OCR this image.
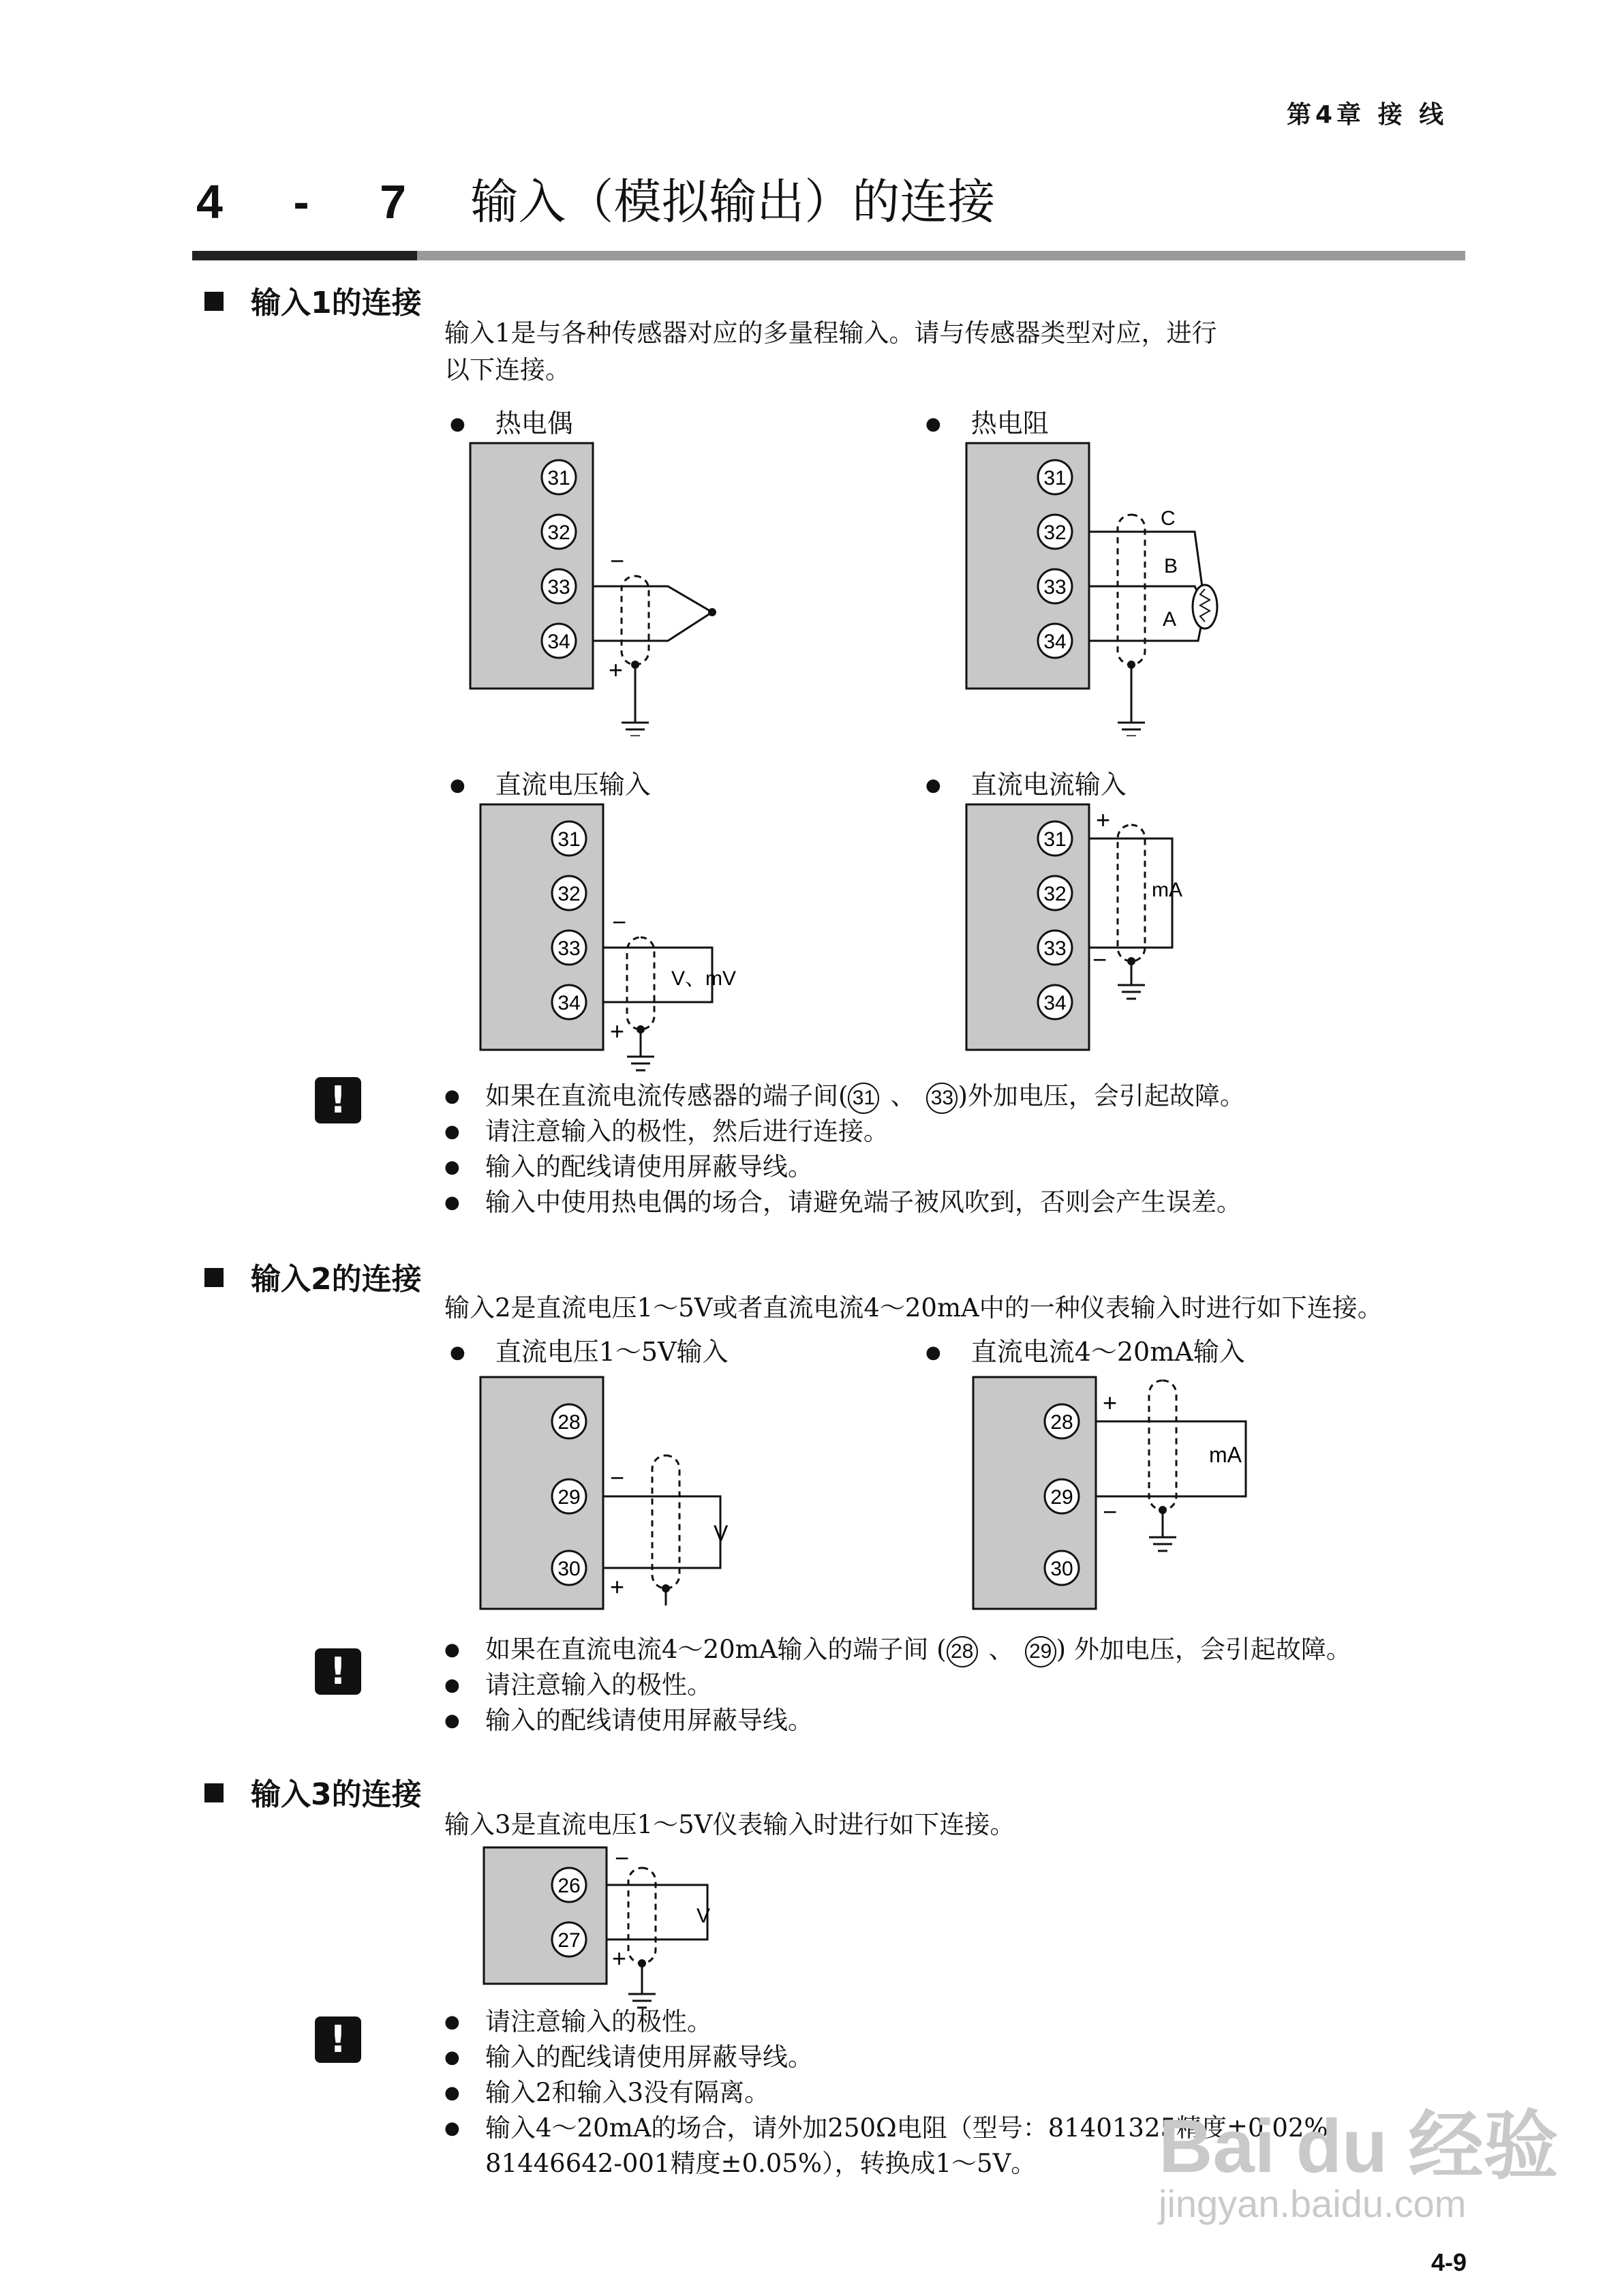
第4章 接 线
4 - 7 输入（模拟输出）的连接
输入1的连接
输入1是与各种传感器对应的多量程输入。请与传感器类型对应，进行
以下连接。
● 热电偶	● 热电阻
● 直流电压输入	● 直流电流输入
31
32
33
34
−
+
31
32
33
34
C
B
A
31
32
33
34
−
+
V、mV
31
32
33
34
+
−
mA
!	● 如果在直流电流传感器的端子间( 31 、 33 )外加电压，会引起故障。
● 请注意输入的极性，然后进行连接。
● 输入的配线请使用屏蔽导线。
● 输入中使用热电偶的场合，请避免端子被风吹到，否则会产生误差。
输入2的连接
输入2是直流电压1～5V或者直流电流4～20mA中的一种仪表输入时进行如下连接。
● 直流电压1～5V输入	● 直流电流4～20mA输入
28
29
30
−
+
V
28
29
30
+
−
mA
!
● 如果在直流电流4～20mA输入的端子间 ( 28 、 29 ) 外加电压，会引起故障。
● 请注意输入的极性。
● 输入的配线请使用屏蔽导线。
输入3的连接
输入3是直流电压1～5V仪表输入时进行如下连接。
26
27
−
+
V
!	● 请注意输入的极性。
● 输入的配线请使用屏蔽导线。
● 输入2和输入3没有隔离。
● 输入4～20mA的场合，请外加250Ω电阻（型号：81401325精度±0.02%、
81446642-001精度±0.05%），转换成1～5V。	Bai du 经验
jingyan.baidu.com
4-9
